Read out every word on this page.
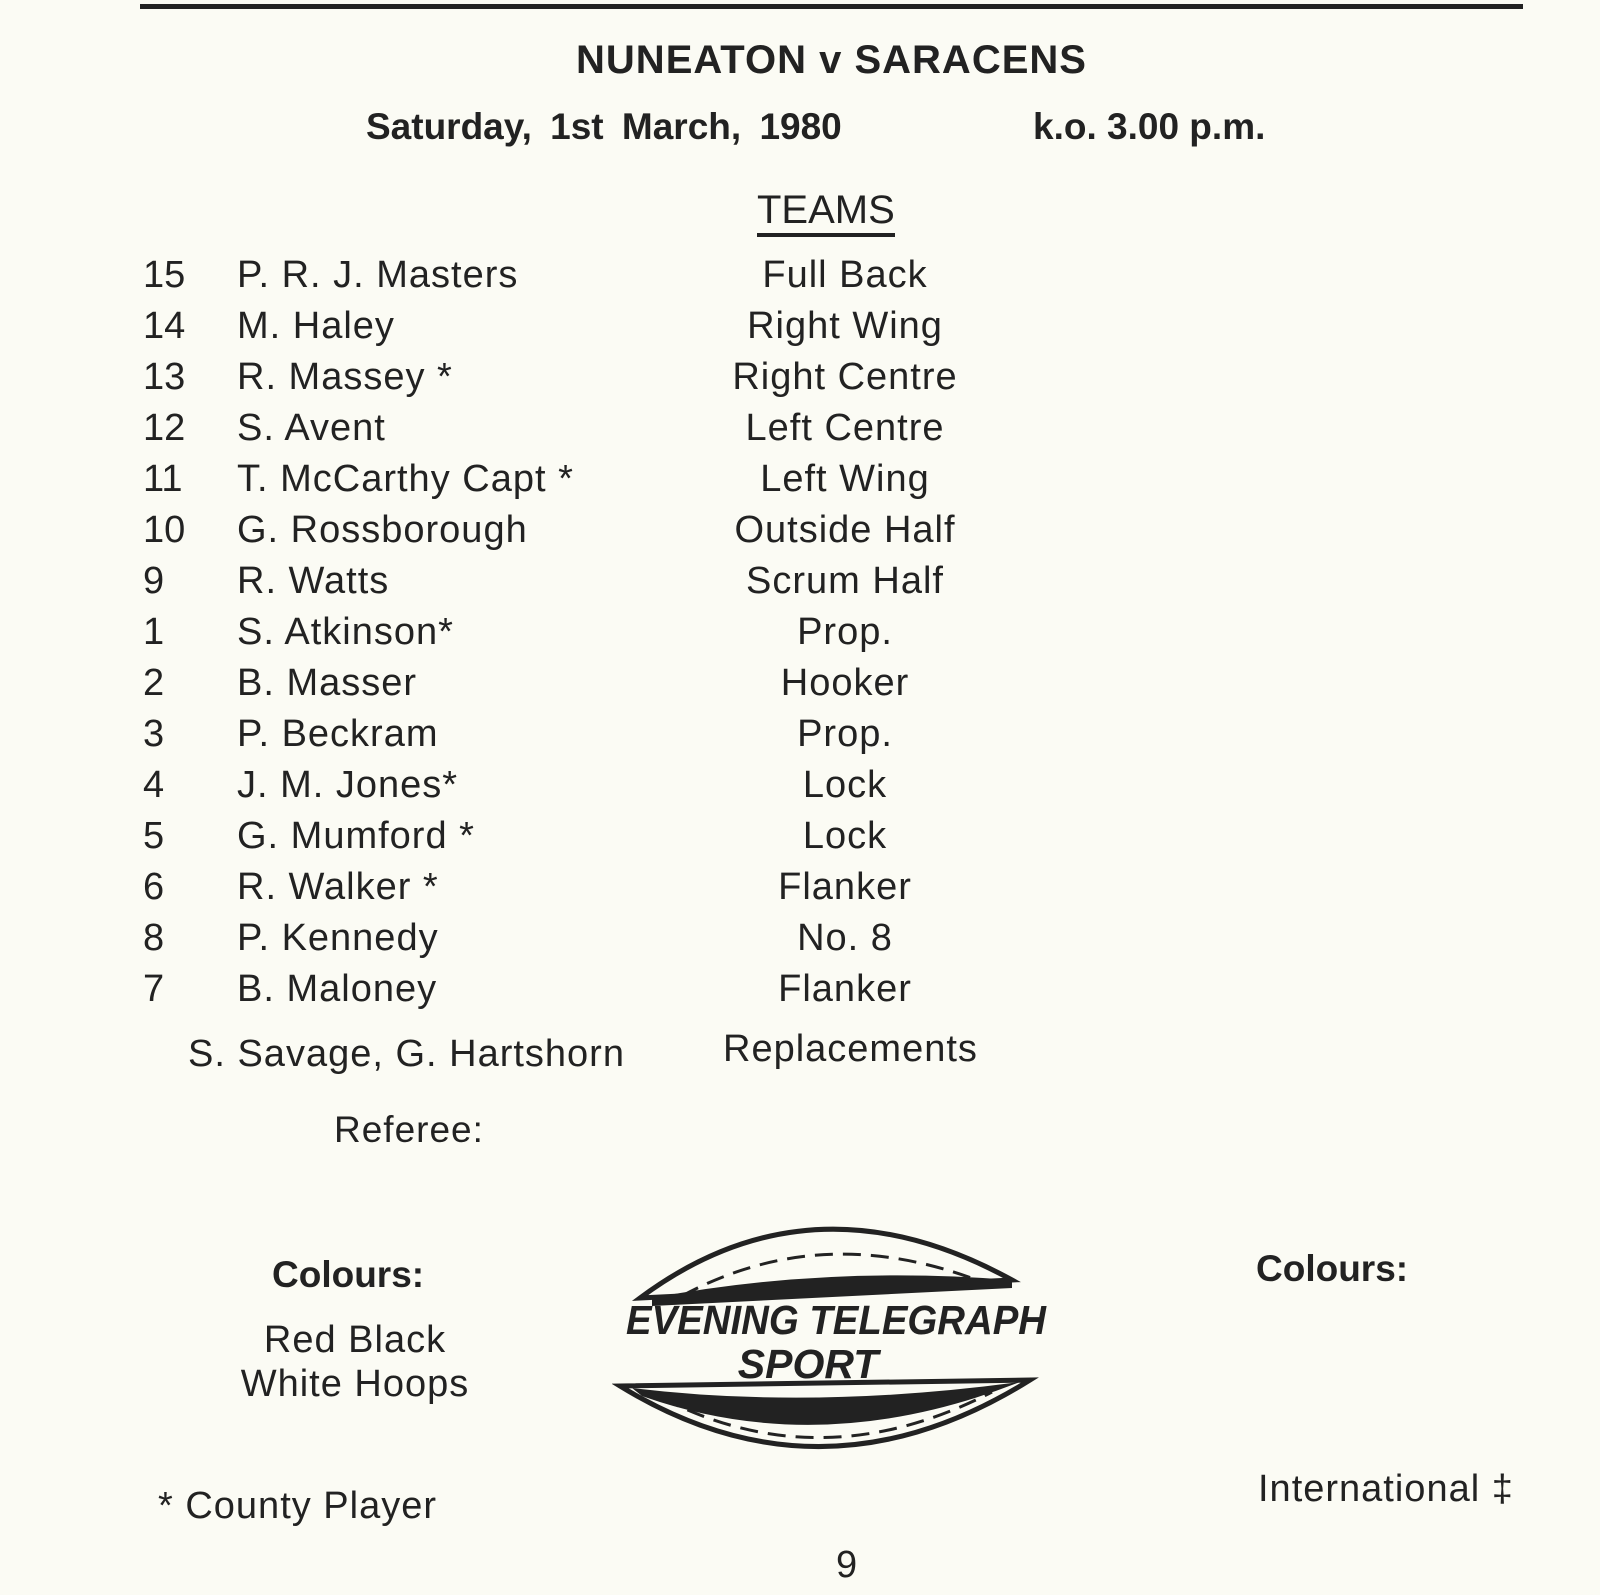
NUNEATON v SARACENS
Saturday, 1st March, 1980	k.o. 3.00 p.m.
TEAMS
15 P. R. J. Masters	Full Back
14 M. Haley	Right Wing
13 R. Massey *	Right Centre
12 S. Avent	Left Centre
11 T. McCarthy Capt *	Left Wing
10 G. Rossborough	Outside Half
9 R. Watts	Scrum Half
1 S. Atkinson*	Prop.
2 B. Masser	Hooker
3 P. Beckram	Prop.
4 J. M. Jones*	Lock
5 G. Mumford *	Lock
6 R. Walker *	Flanker
8 P. Kennedy	No. 8
7 B. Maloney	Flanker
S. Savage, G. Hartshorn	Replacements
Referee:
Colours:
Red Black
White Hoops
Colours:
EVENING TELEGRAPH
SPORT
* County Player	International ‡
9
